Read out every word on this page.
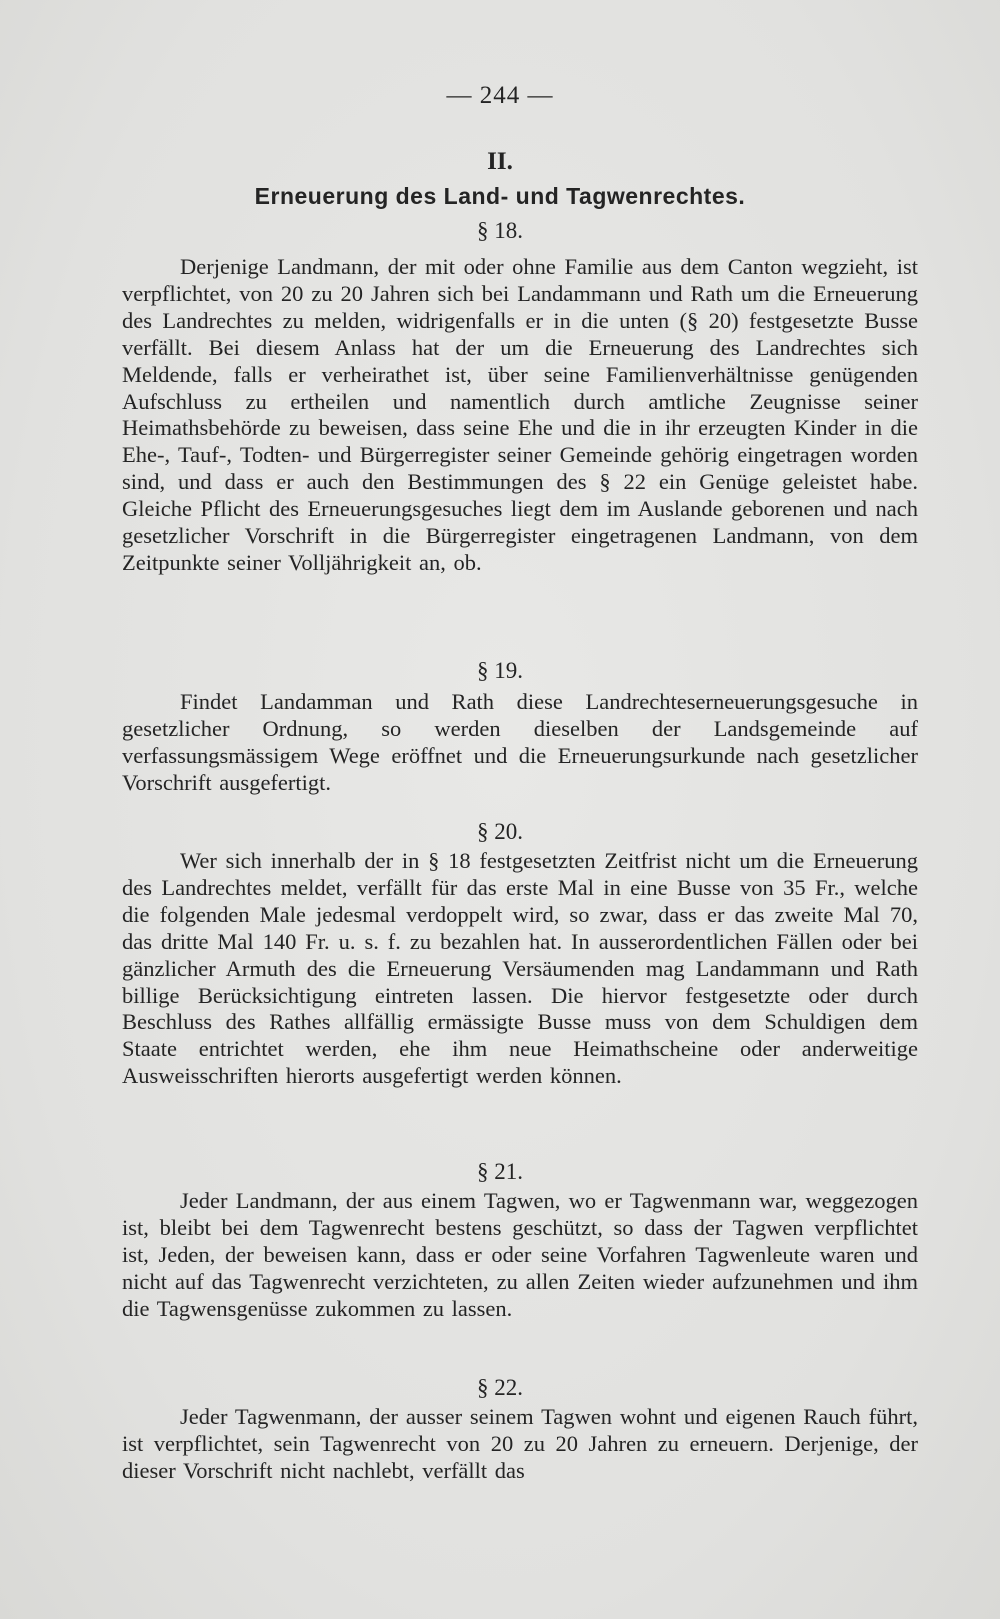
— 244 —
II.
Erneuerung des Land- und Tagwenrechtes.
§ 18.
Derjenige Landmann, der mit oder ohne Familie aus dem Canton wegzieht, ist verpflichtet, von 20 zu 20 Jahren sich bei Landammann und Rath um die Erneuerung des Landrechtes zu melden, widrigenfalls er in die unten (§ 20) festgesetzte Busse verfällt. Bei diesem Anlass hat der um die Erneuerung des Landrechtes sich Meldende, falls er verheirathet ist, über seine Familienverhältnisse genügenden Aufschluss zu ertheilen und namentlich durch amtliche Zeugnisse seiner Heimathsbehörde zu beweisen, dass seine Ehe und die in ihr erzeugten Kinder in die Ehe-, Tauf-, Todten- und Bürgerregister seiner Gemeinde gehörig eingetragen worden sind, und dass er auch den Bestimmungen des § 22 ein Genüge geleistet habe. Gleiche Pflicht des Erneuerungsgesuches liegt dem im Auslande geborenen und nach gesetzlicher Vorschrift in die Bürgerregister eingetragenen Landmann, von dem Zeitpunkte seiner Volljährigkeit an, ob.
§ 19.
Findet Landamman und Rath diese Landrechteserneuerungsgesuche in gesetzlicher Ordnung, so werden dieselben der Landsgemeinde auf verfassungsmässigem Wege eröffnet und die Erneuerungsurkunde nach gesetzlicher Vorschrift ausgefertigt.
§ 20.
Wer sich innerhalb der in § 18 festgesetzten Zeitfrist nicht um die Erneuerung des Landrechtes meldet, verfällt für das erste Mal in eine Busse von 35 Fr., welche die folgenden Male jedesmal verdoppelt wird, so zwar, dass er das zweite Mal 70, das dritte Mal 140 Fr. u. s. f. zu bezahlen hat. In ausserordentlichen Fällen oder bei gänzlicher Armuth des die Erneuerung Versäumenden mag Landammann und Rath billige Berücksichtigung eintreten lassen. Die hiervor festgesetzte oder durch Beschluss des Rathes allfällig ermässigte Busse muss von dem Schuldigen dem Staate entrichtet werden, ehe ihm neue Heimathscheine oder anderweitige Ausweisschriften hierorts ausgefertigt werden können.
§ 21.
Jeder Landmann, der aus einem Tagwen, wo er Tagwenmann war, weggezogen ist, bleibt bei dem Tagwenrecht bestens geschützt, so dass der Tagwen verpflichtet ist, Jeden, der beweisen kann, dass er oder seine Vorfahren Tagwenleute waren und nicht auf das Tagwenrecht verzichteten, zu allen Zeiten wieder aufzunehmen und ihm die Tagwensgenüsse zukommen zu lassen.
§ 22.
Jeder Tagwenmann, der ausser seinem Tagwen wohnt und eigenen Rauch führt, ist verpflichtet, sein Tagwenrecht von 20 zu 20 Jahren zu erneuern. Derjenige, der dieser Vorschrift nicht nachlebt, verfällt das
